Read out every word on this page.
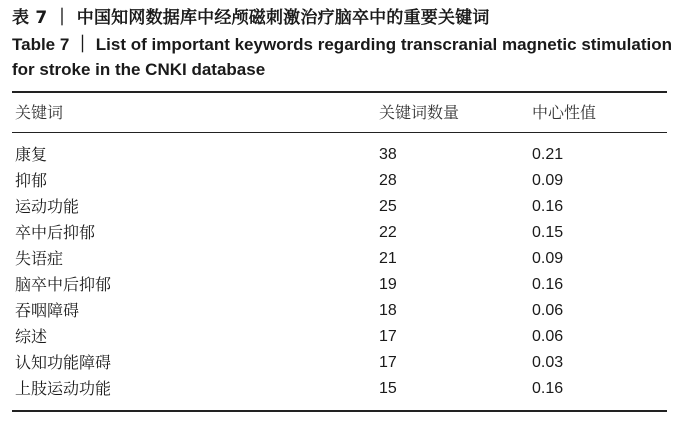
表 7 ｜ 中国知网数据库中经颅磁刺激治疗脑卒中的重要关键词
Table 7 ｜ List of important keywords regarding transcranial magnetic stimulation for stroke in the CNKI database
关键词	关键词数量	中心性值
康复	38	0.21
抑郁	28	0.09
运动功能	25	0.16
卒中后抑郁	22	0.15
失语症	21	0.09
脑卒中后抑郁	19	0.16
吞咽障碍	18	0.06
综述	17	0.06
认知功能障碍	17	0.03
上肢运动功能	15	0.16
